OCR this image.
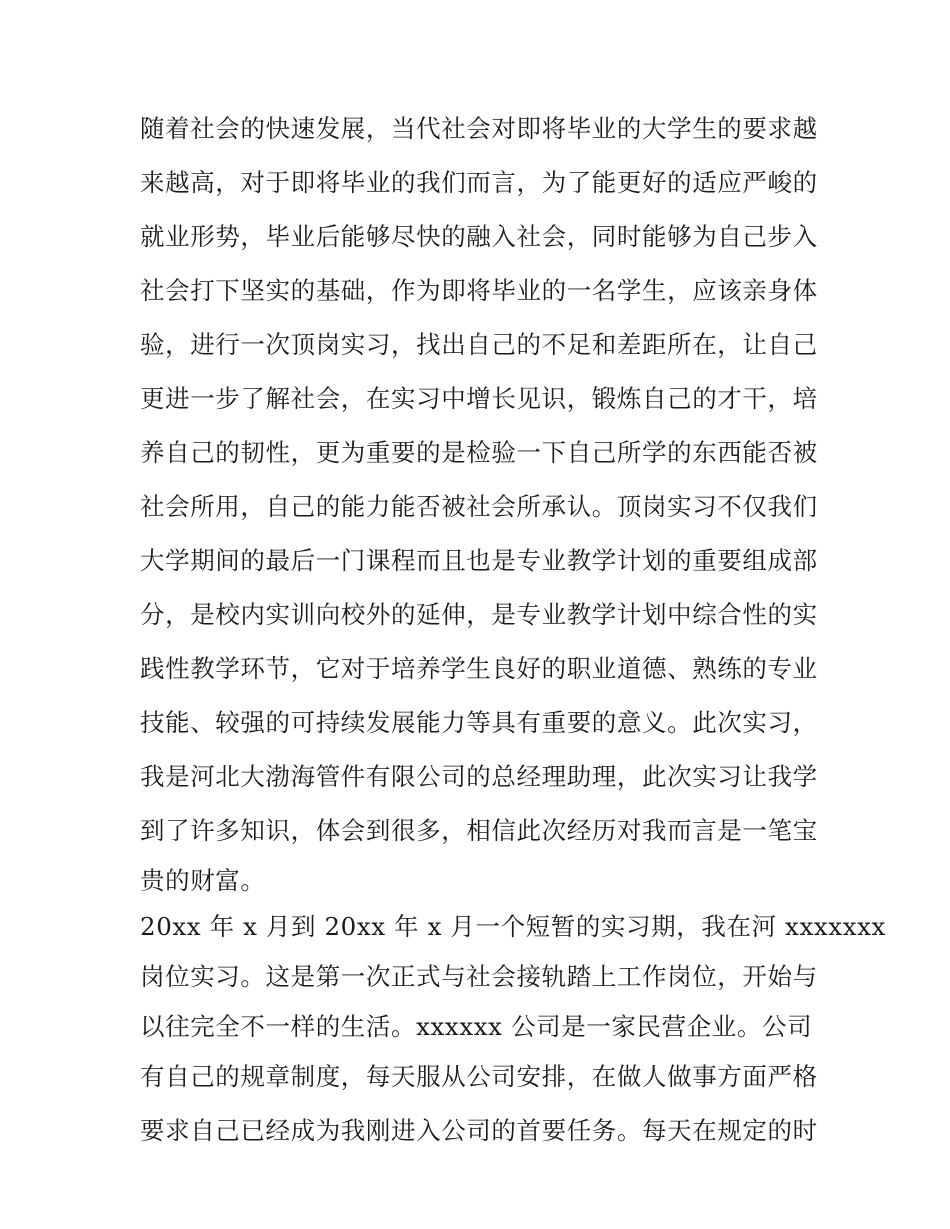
随着社会的快速发展，当代社会对即将毕业的大学生的要求越
来越高，对于即将毕业的我们而言，为了能更好的适应严峻的
就业形势，毕业后能够尽快的融入社会，同时能够为自己步入
社会打下坚实的基础，作为即将毕业的一名学生，应该亲身体
验，进行一次顶岗实习，找出自己的不足和差距所在，让自己
更进一步了解社会，在实习中增长见识，锻炼自己的才干，培
养自己的韧性，更为重要的是检验一下自己所学的东西能否被
社会所用，自己的能力能否被社会所承认。顶岗实习不仅我们
大学期间的最后一门课程而且也是专业教学计划的重要组成部
分，是校内实训向校外的延伸，是专业教学计划中综合性的实
践性教学环节，它对于培养学生良好的职业道德、熟练的专业
技能、较强的可持续发展能力等具有重要的意义。此次实习，
我是河北大渤海管件有限公司的总经理助理，此次实习让我学
到了许多知识，体会到很多，相信此次经历对我而言是一笔宝
贵的财富。
20xx 年 x 月到 20xx 年 x 月一个短暂的实习期，我在河 xxxxxxx
岗位实习。这是第一次正式与社会接轨踏上工作岗位，开始与
以往完全不一样的生活。xxxxxx 公司是一家民营企业。公司
有自己的规章制度，每天服从公司安排，在做人做事方面严格
要求自己已经成为我刚进入公司的首要任务。每天在规定的时
